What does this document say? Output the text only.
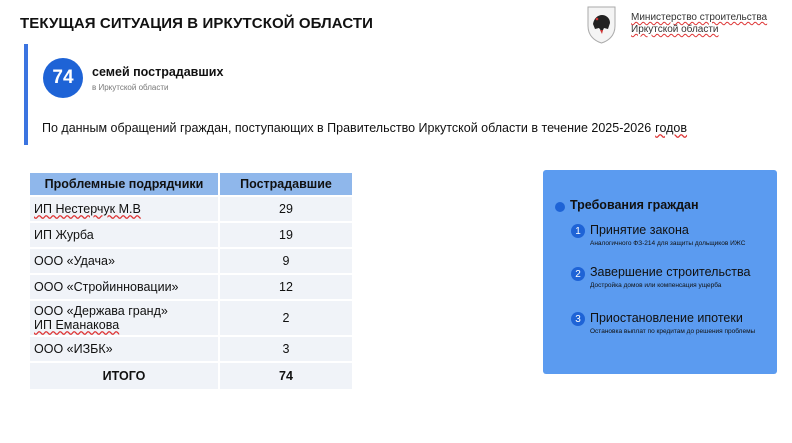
ТЕКУЩАЯ СИТУАЦИЯ В ИРКУТСКОЙ ОБЛАСТИ	Министерство строительства
Иркутской области
74	семей пострадавших
в Иркутской области
По данным обращений граждан, поступающих в Правительство Иркутской области в течение 2025-2026 годов
Проблемные подрядчики	Пострадавшие
ИП Нестерчук М.В	29
ИП Журба	19
ООО «Удача»	9
ООО «Стройинновации»	12

ООО «Держава гранд»
ИП Еманакова	2
ООО «ИЗБК»	3
ИТОГО	74
Требования граждан
1 Принятие закона
Аналогичного ФЗ-214 для защиты дольщиков ИЖС
2 Завершение строительства
Достройка домов или компенсация ущерба
3 Приостановление ипотеки
Остановка выплат по кредитам до решения проблемы
